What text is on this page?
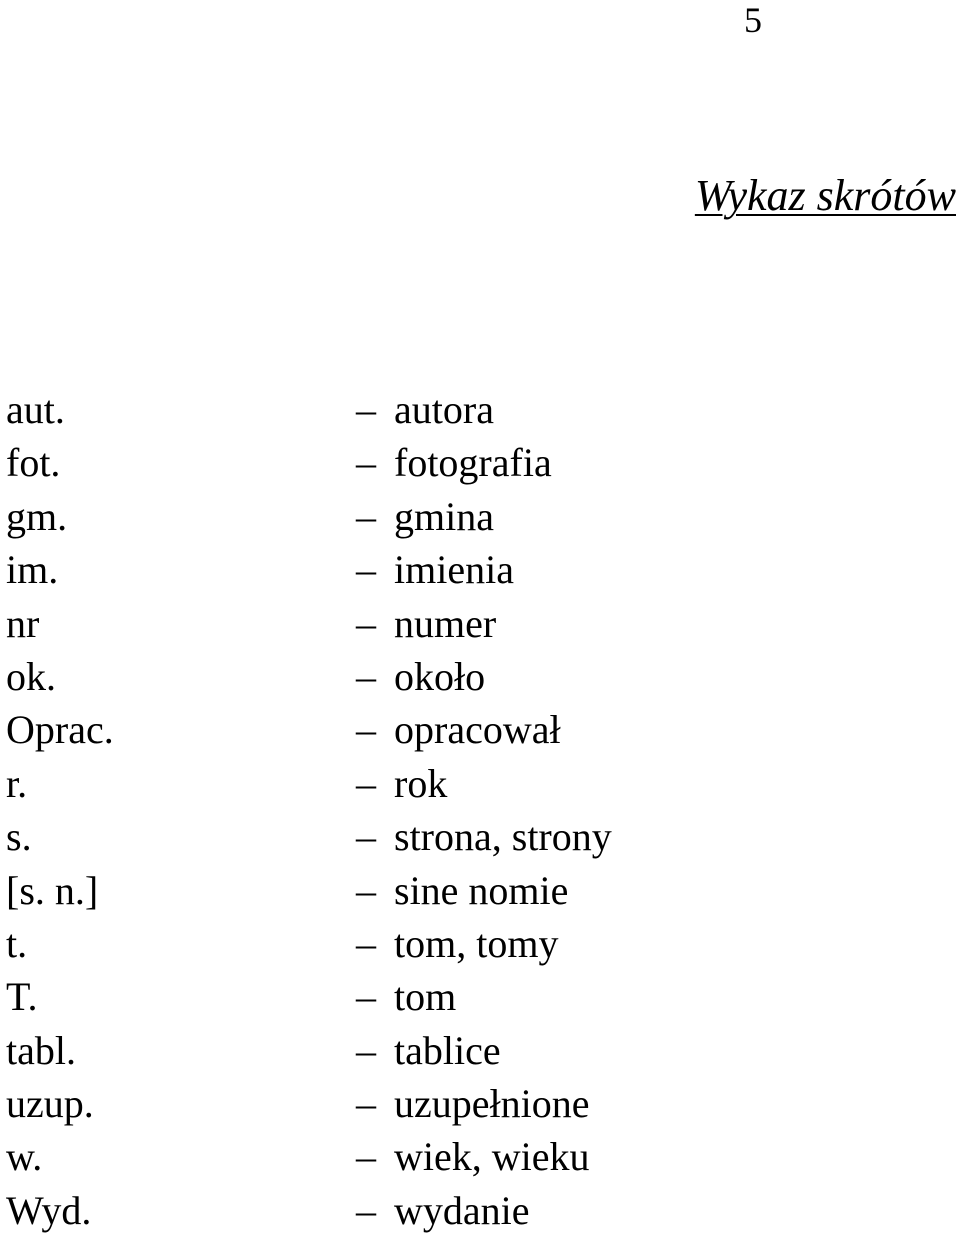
5
Wykaz skrótów
aut.	– autora
fot.	– fotografia
gm.	– gmina
im.	– imienia
nr	– numer
ok.	– około
Oprac.	– opracował
r.	– rok
s.	– strona, strony
[s. n.]	– sine nomie
t.	– tom, tomy
T.	– tom
tabl.	– tablice
uzup.	– uzupełnione
w.	– wiek, wieku
Wyd.	– wydanie
